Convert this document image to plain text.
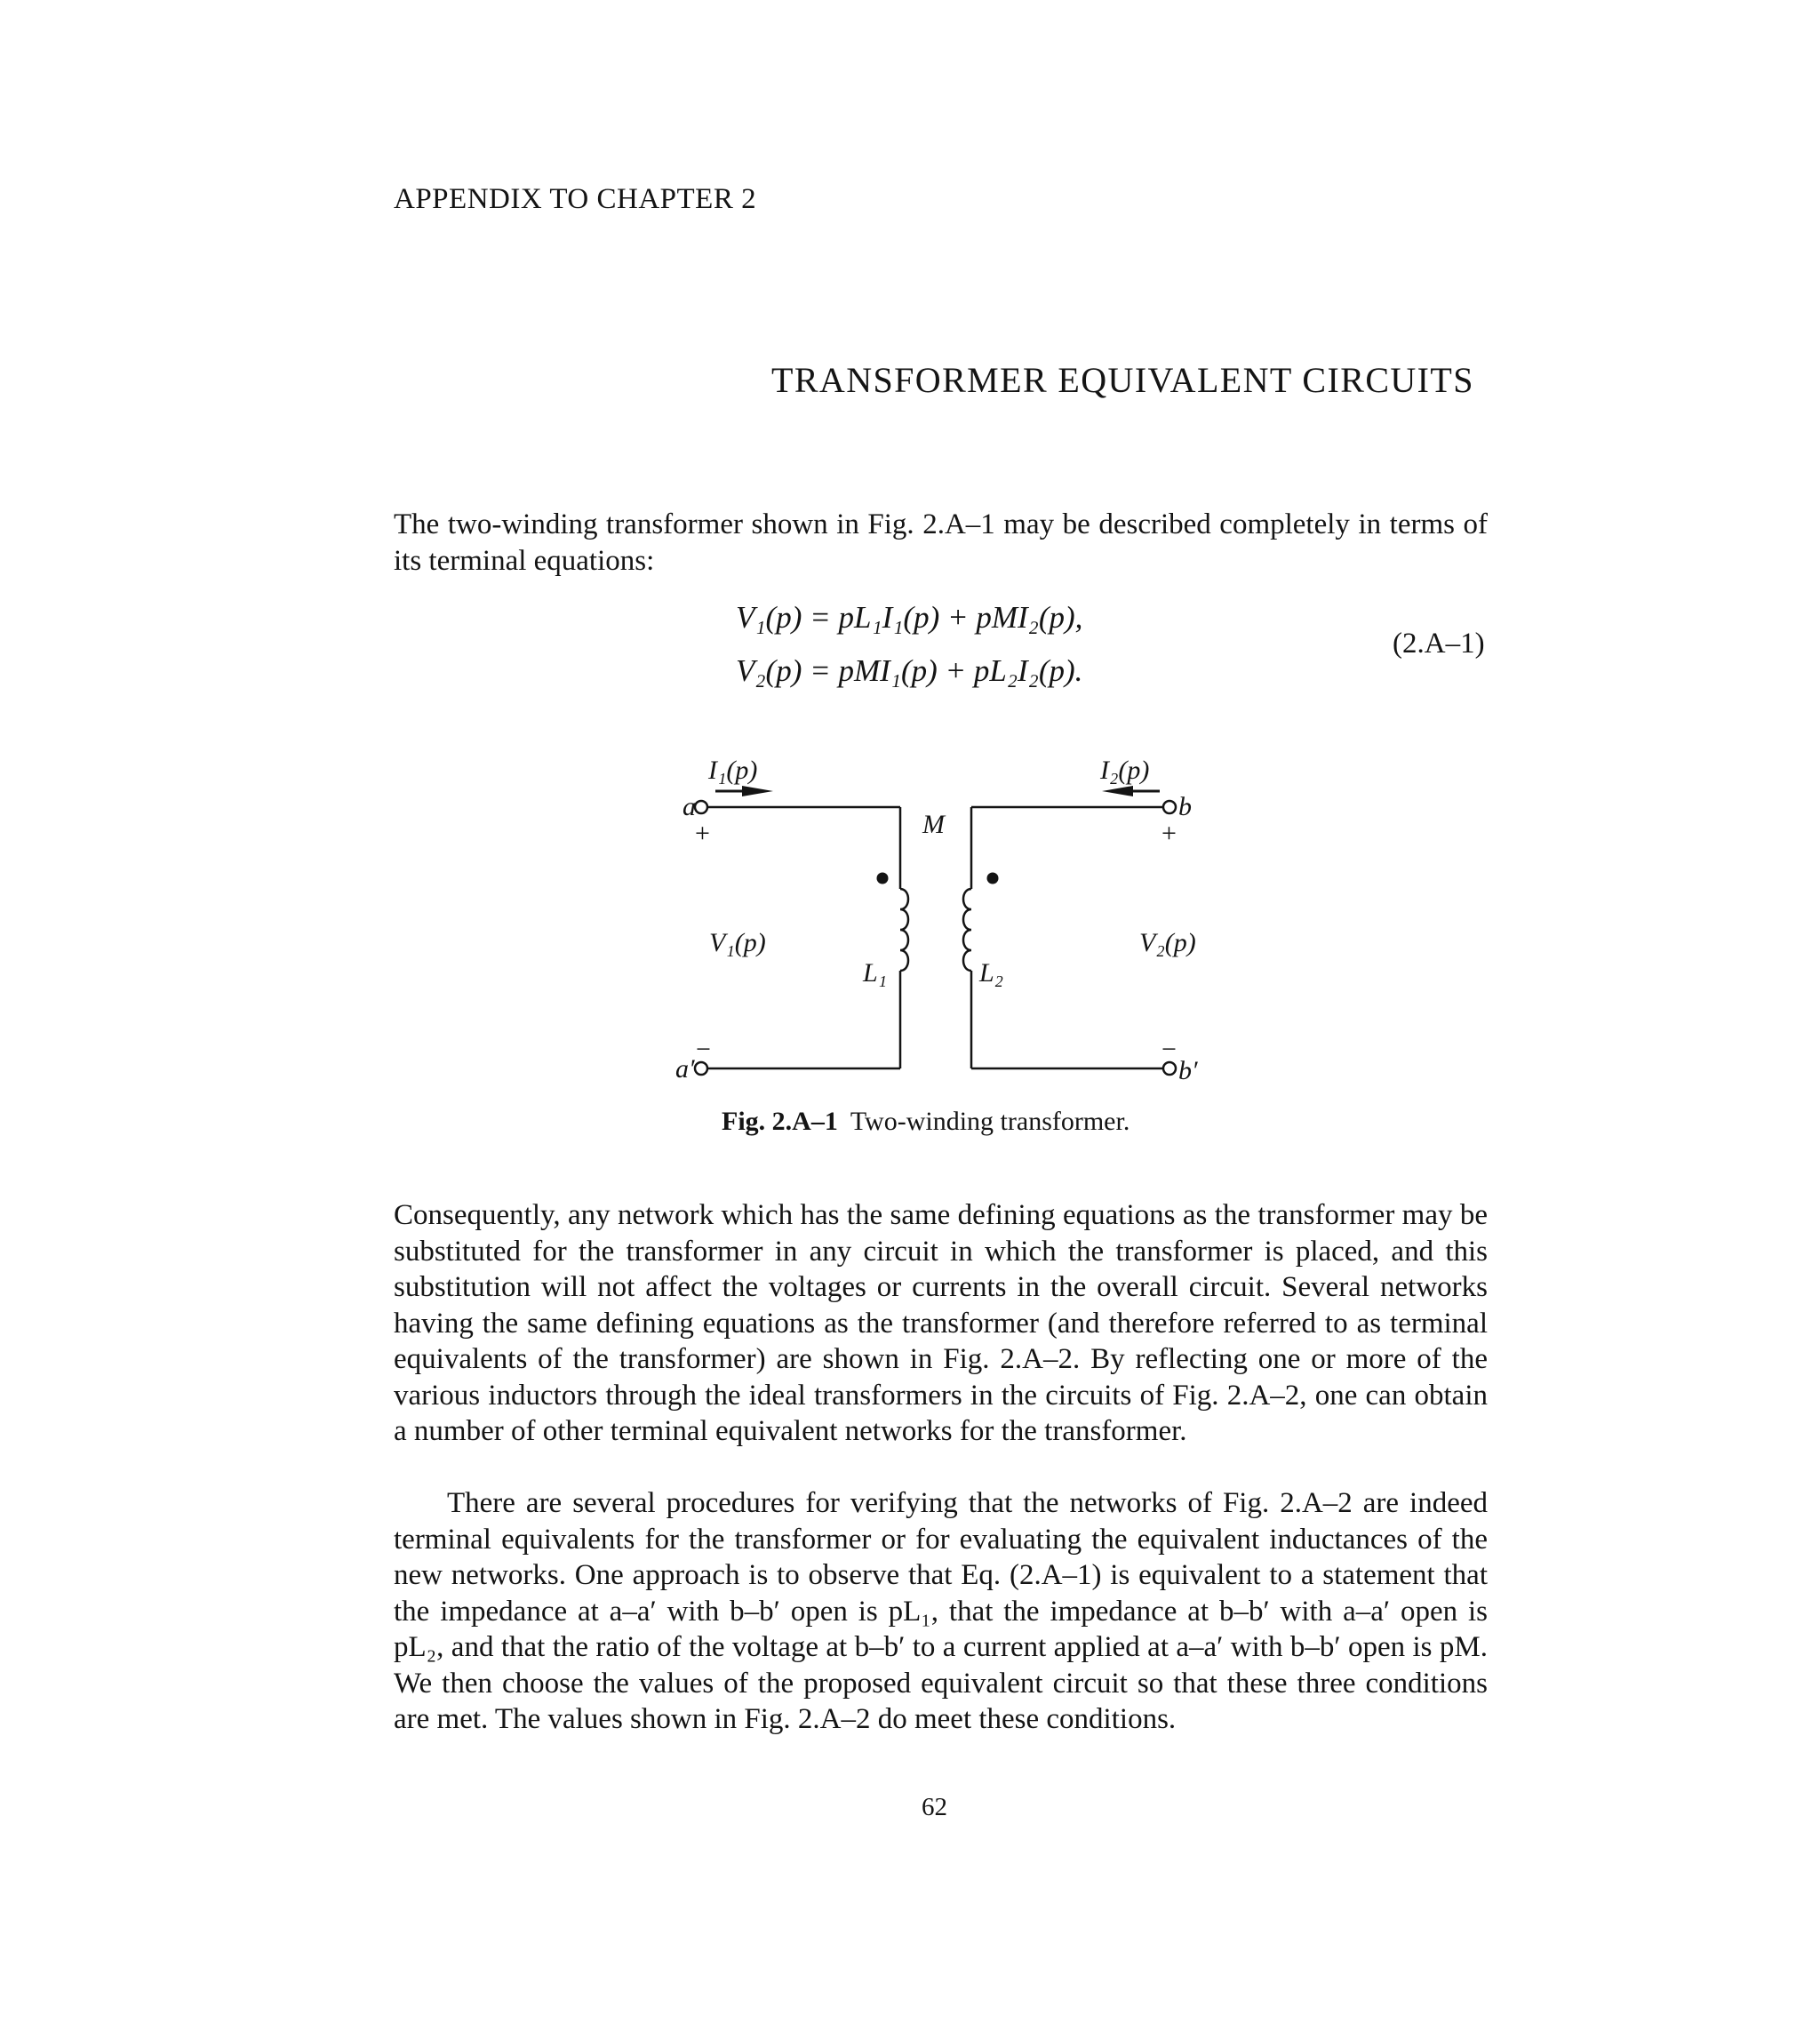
APPENDIX TO CHAPTER 2
TRANSFORMER EQUIVALENT CIRCUITS

The two-winding transformer shown in Fig. 2.A–1 may be described completely in terms of its terminal equations:

V₁(p) = pL₁I₁(p) + pMI₂(p),
V₂(p) = pMI₁(p) + pL₂I₂(p).
(2.A–1)
I₁(p)	I₂(p)
a	b
+	+
M
V₁(p)	V₂(p)
L₁	L₂
−	−
a′	b′
Fig. 2.A–1 Two-winding transformer.

Consequently, any network which has the same defining equations as the transformer may be substituted for the transformer in any circuit in which the transformer is placed, and this substitution will not affect the voltages or currents in the overall circuit. Several networks having the same defining equations as the transformer (and therefore referred to as terminal equivalents of the transformer) are shown in Fig. 2.A–2. By reflecting one or more of the various inductors through the ideal transformers in the circuits of Fig. 2.A–2, one can obtain a number of other terminal equivalent networks for the transformer.

There are several procedures for verifying that the networks of Fig. 2.A–2 are indeed terminal equivalents for the transformer or for evaluating the equivalent inductances of the new networks. One approach is to observe that Eq. (2.A–1) is equivalent to a statement that the impedance at a–a′ with b–b′ open is pL₁, that the impedance at b–b′ with a–a′ open is pL₂, and that the ratio of the voltage at b–b′ to a current applied at a–a′ with b–b′ open is pM. We then choose the values of the proposed equivalent circuit so that these three conditions are met. The values shown in Fig. 2.A–2 do meet these conditions.

62
